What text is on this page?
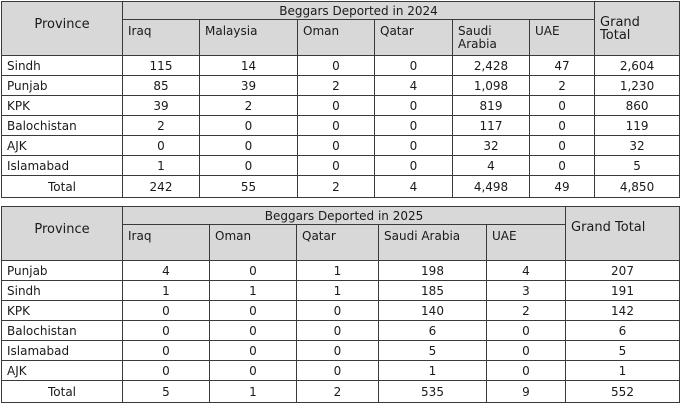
Province	Beggars Deported in 2024						Grand Total
	Iraq	Malaysia	Oman	Qatar	Saudi Arabia	UAE	
Sindh	115	14	0	0	2,428	47	2,604
Punjab	85	39	2	4	1,098	2	1,230
KPK	39	2	0	0	819	0	860
Balochistan	2	0	0	0	117	0	119
AJK	0	0	0	0	32	0	32
Islamabad	1	0	0	0	4	0	5
Total	242	55	2	4	4,498	49	4,850
Province	Beggars Deported in 2025					Grand Total
	Iraq	Oman	Qatar	Saudi Arabia	UAE	
Punjab	4	0	1	198	4	207
Sindh	1	1	1	185	3	191
KPK	0	0	0	140	2	142
Balochistan	0	0	0	6	0	6
Islamabad	0	0	0	5	0	5
AJK	0	0	0	1	0	1
Total	5	1	2	535	9	552
